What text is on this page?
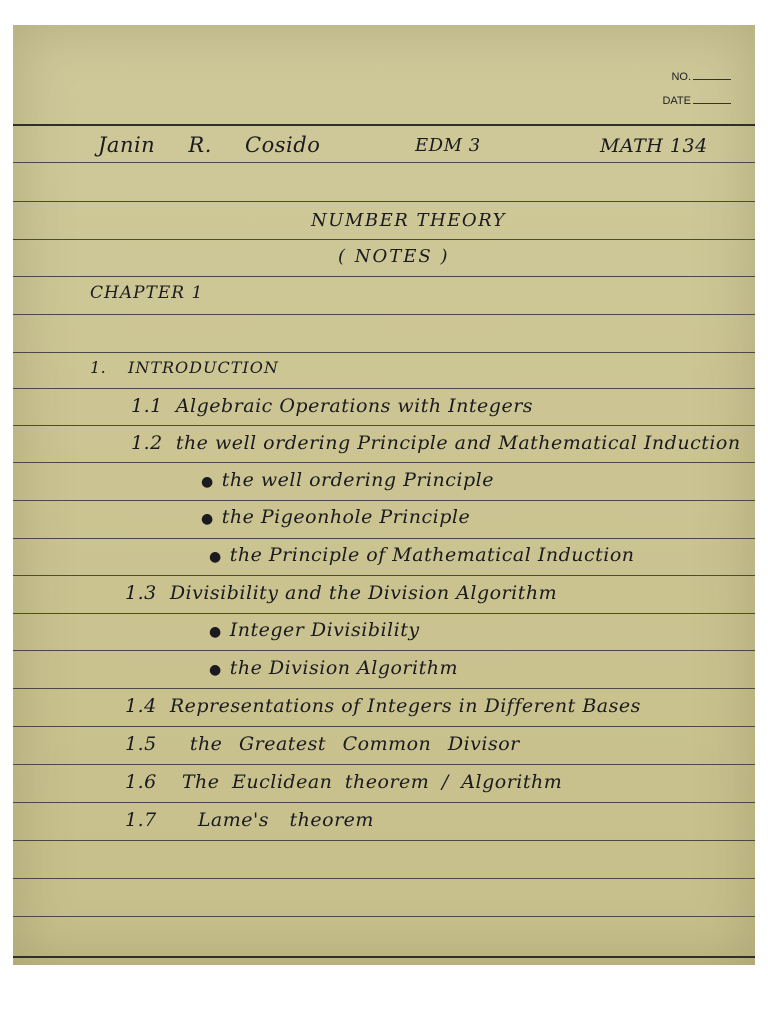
NO.
DATE
Janin R. Cosido	EDM 3	MATH 134
NUMBER THEORY
( NOTES )
CHAPTER 1
1. INTRODUCTION
1.1 Algebraic Operations with Integers
1.2 the well ordering Principle and Mathematical Induction
● the well ordering Principle
● the Pigeonhole Principle
● the Principle of Mathematical Induction
1.3 Divisibility and the Division Algorithm
● Integer Divisibility
● the Division Algorithm
1.4 Representations of Integers in Different Bases
1.5 the Greatest Common Divisor
1.6 The Euclidean theorem / Algorithm
1.7 Lame's theorem
